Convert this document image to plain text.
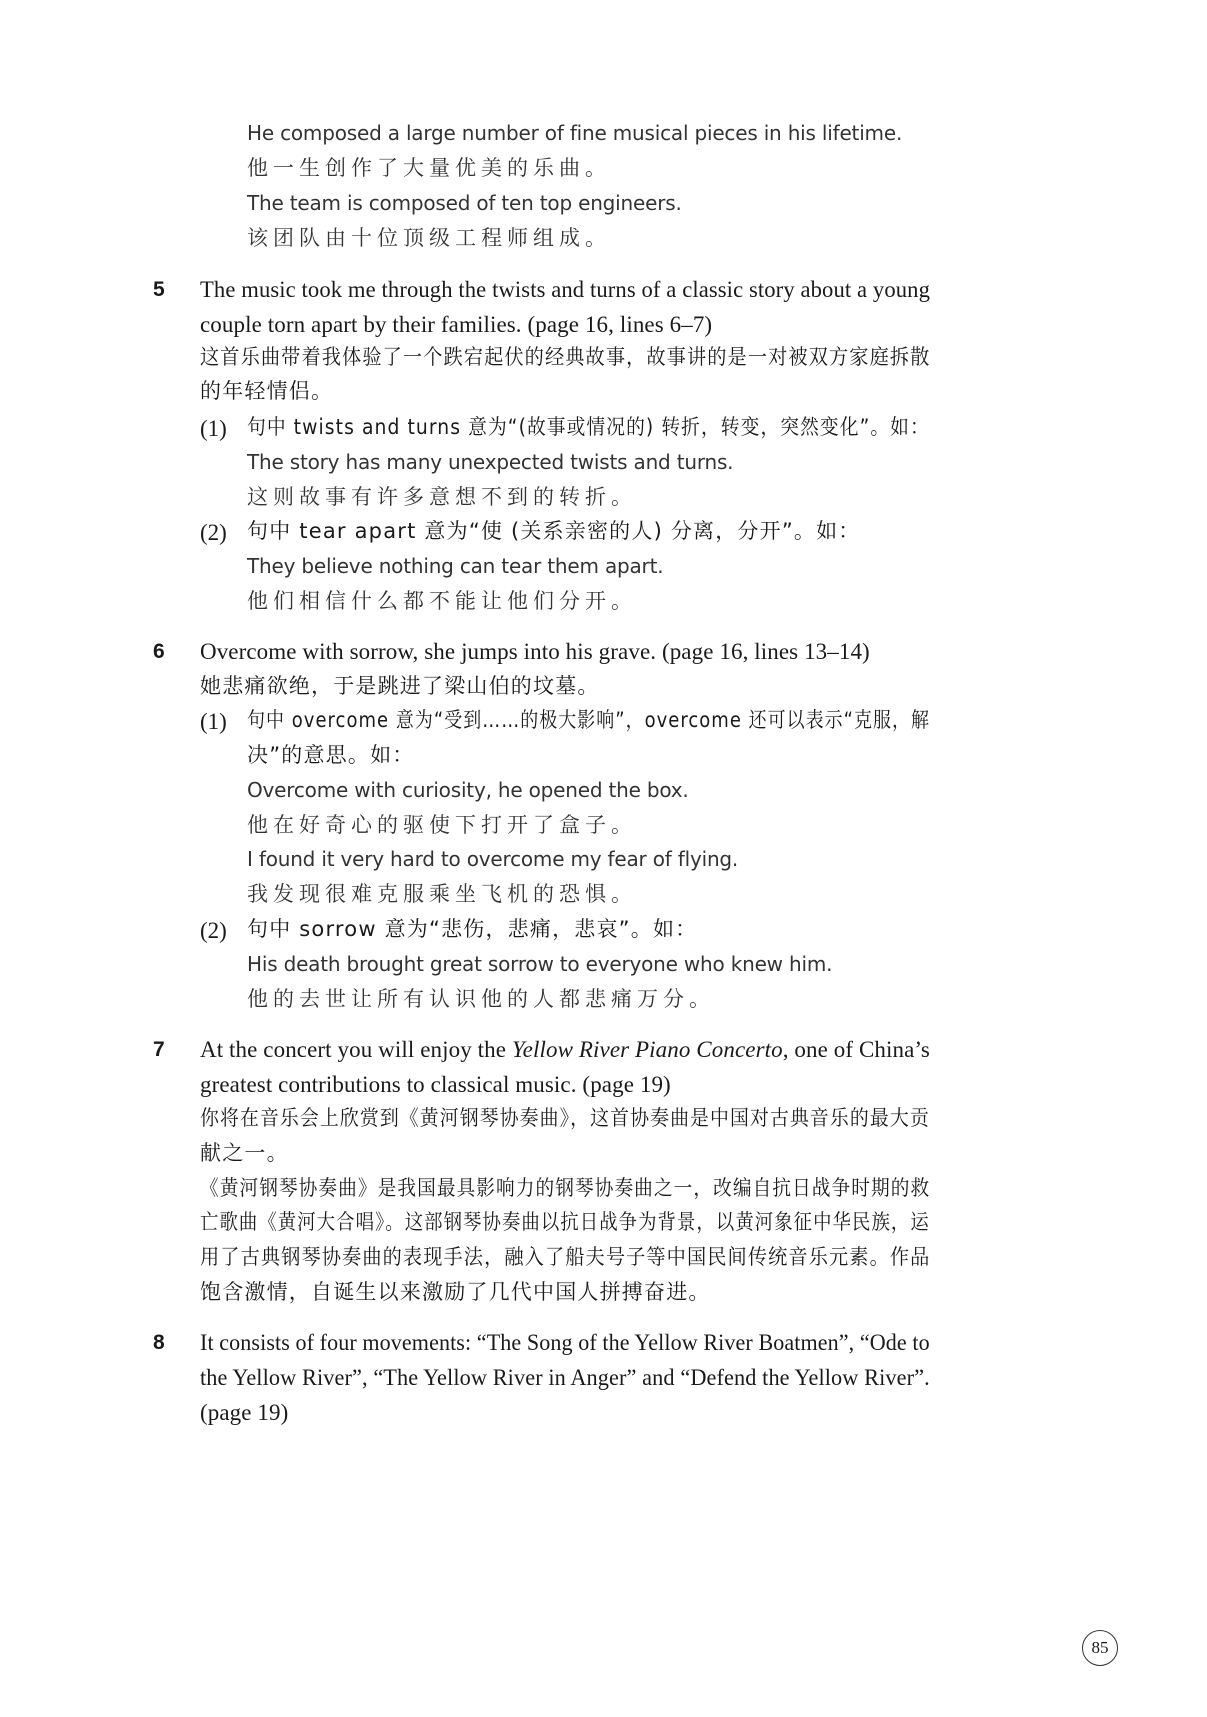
He composed a large number of fine musical pieces in his lifetime.
他一生创作了大量优美的乐曲。
The team is composed of ten top engineers.
该团队由十位顶级工程师组成。
5 The music took me through the twists and turns of a classic story about a young
couple torn apart by their families. (page 16, lines 6–7)
这首乐曲带着我体验了一个跌宕起伏的经典故事，故事讲的是一对被双方家庭拆散
的年轻情侣。
(1) 句中 twists and turns 意为“(故事或情况的) 转折，转变，突然变化”。如：
The story has many unexpected twists and turns.
这则故事有许多意想不到的转折。
(2) 句中 tear apart 意为“使 (关系亲密的人) 分离，分开”。如：
They believe nothing can tear them apart.
他们相信什么都不能让他们分开。
6 Overcome with sorrow, she jumps into his grave. (page 16, lines 13–14)
她悲痛欲绝，于是跳进了梁山伯的坟墓。
(1) 句中 overcome 意为“受到……的极大影响”，overcome 还可以表示“克服，解
决”的意思。如：
Overcome with curiosity, he opened the box.
他在好奇心的驱使下打开了盒子。
I found it very hard to overcome my fear of flying.
我发现很难克服乘坐飞机的恐惧。
(2) 句中 sorrow 意为“悲伤，悲痛，悲哀”。如：
His death brought great sorrow to everyone who knew him.
他的去世让所有认识他的人都悲痛万分。
7 At the concert you will enjoy the Yellow River Piano Concerto, one of China’s
greatest contributions to classical music. (page 19)
你将在音乐会上欣赏到《黄河钢琴协奏曲》，这首协奏曲是中国对古典音乐的最大贡
献之一。
《黄河钢琴协奏曲》是我国最具影响力的钢琴协奏曲之一，改编自抗日战争时期的救
亡歌曲《黄河大合唱》。这部钢琴协奏曲以抗日战争为背景，以黄河象征中华民族，运
用了古典钢琴协奏曲的表现手法，融入了船夫号子等中国民间传统音乐元素。作品
饱含激情，自诞生以来激励了几代中国人拼搏奋进。
8 It consists of four movements: “The Song of the Yellow River Boatmen”, “Ode to
the Yellow River”, “The Yellow River in Anger” and “Defend the Yellow River”.
(page 19)
85
